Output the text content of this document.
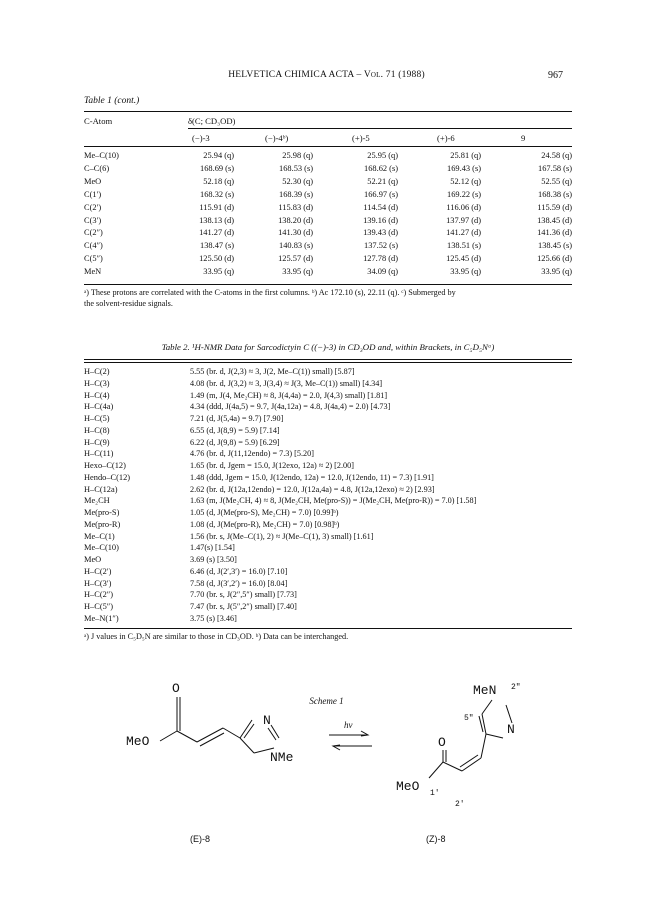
HELVETICA CHIMICA ACTA – Vol. 71 (1988)	967
Table 1 (cont.)
C-Atom	δ(C; CD₃OD)
(−)-3	(−)-4ᵇ)	(+)-5	(+)-6	9
Me–C(10)	25.94 (q)	25.98 (q)	25.95 (q)	25.81 (q)	24.58 (q)
C–C(6)	168.69 (s)	168.53 (s)	168.62 (s)	169.43 (s)	167.58 (s)
MeO	52.18 (q)	52.30 (q)	52.21 (q)	52.12 (q)	52.55 (q)
C(1′)	168.32 (s)	168.39 (s)	166.97 (s)	169.22 (s)	168.38 (s)
C(2′)	115.91 (d)	115.83 (d)	114.54 (d)	116.06 (d)	115.59 (d)
C(3′)	138.13 (d)	138.20 (d)	139.16 (d)	137.97 (d)	138.45 (d)
C(2″)	141.27 (d)	141.30 (d)	139.43 (d)	141.27 (d)	141.36 (d)
C(4″)	138.47 (s)	140.83 (s)	137.52 (s)	138.51 (s)	138.45 (s)
C(5″)	125.50 (d)	125.57 (d)	127.78 (d)	125.45 (d)	125.66 (d)
MeN	33.95 (q)	33.95 (q)	34.09 (q)	33.95 (q)	33.95 (q)
ᵃ) These protons are correlated with the C-atoms in the first columns. ᵇ) Ac 172.10 (s), 22.11 (q). ᶜ) Submerged by
the solvent-residue signals.
Table 2. ¹H-NMR Data for Sarcodictyin C ((−)-3) in CD₃OD and, within Brackets, in C₅D₅Nᵃ)
H–C(2)	5.55 (br. d, J(2,3) ≈ 3, J(2, Me–C(1)) small) [5.87]
H–C(3)	4.08 (br. d, J(3,2) ≈ 3, J(3,4) ≈ J(3, Me–C(1)) small) [4.34]
H–C(4)	1.49 (m, J(4, Me₂CH) ≈ 8, J(4,4a) = 2.0, J(4,3) small) [1.81]
H–C(4a)	4.34 (ddd, J(4a,5) = 9.7, J(4a,12a) = 4.8, J(4a,4) = 2.0) [4.73]
H–C(5)	7.21 (d, J(5,4a) = 9.7) [7.90]
H–C(8)	6.55 (d, J(8,9) = 5.9) [7.14]
H–C(9)	6.22 (d, J(9,8) = 5.9) [6.29]
H–C(11)	4.76 (br. d, J(11,12endo) = 7.3) [5.20]
Hexo–C(12)	1.65 (br. d, Jgem = 15.0, J(12exo, 12a) ≈ 2) [2.00]
Hendo–C(12)	1.48 (ddd, Jgem = 15.0, J(12endo, 12a) = 12.0, J(12endo, 11) = 7.3) [1.91]
H–C(12a)	2.62 (br. d, J(12a,12endo) = 12.0, J(12a,4a) = 4.8, J(12a,12exo) ≈ 2) [2.93]
Me₂CH	1.63 (m, J(Me₂CH, 4) ≈ 8, J(Me₂CH, Me(pro-S)) = J(Me₂CH, Me(pro-R)) = 7.0) [1.58]
Me(pro-S)	1.05 (d, J(Me(pro-S), Me₂CH) = 7.0) [0.99]ᵇ)
Me(pro-R)	1.08 (d, J(Me(pro-R), Me₂CH) = 7.0) [0.98]ᵇ)
Me–C(1)	1.56 (br. s, J(Me–C(1), 2) ≈ J(Me–C(1), 3) small) [1.61]
Me–C(10)	1.47(s) [1.54]
MeO	3.69 (s) [3.50]
H–C(2′)	6.46 (d, J(2′,3′) = 16.0) [7.10]
H–C(3′)	7.58 (d, J(3′,2′) = 16.0) [8.04]
H–C(2″)	7.70 (br. s, J(2″,5″) small) [7.73]
H–C(5″)	7.47 (br. s, J(5″,2″) small) [7.40]
Me–N(1″)	3.75 (s) [3.46]
ᵃ) J values in C₅D₅N are similar to those in CD₃OD. ᵇ) Data can be interchanged.
Scheme 1
O
MeO
N
NMe
hν
MeN 2″
5″
N
O
MeO 1′
2′
(E)-8	(Z)-8
